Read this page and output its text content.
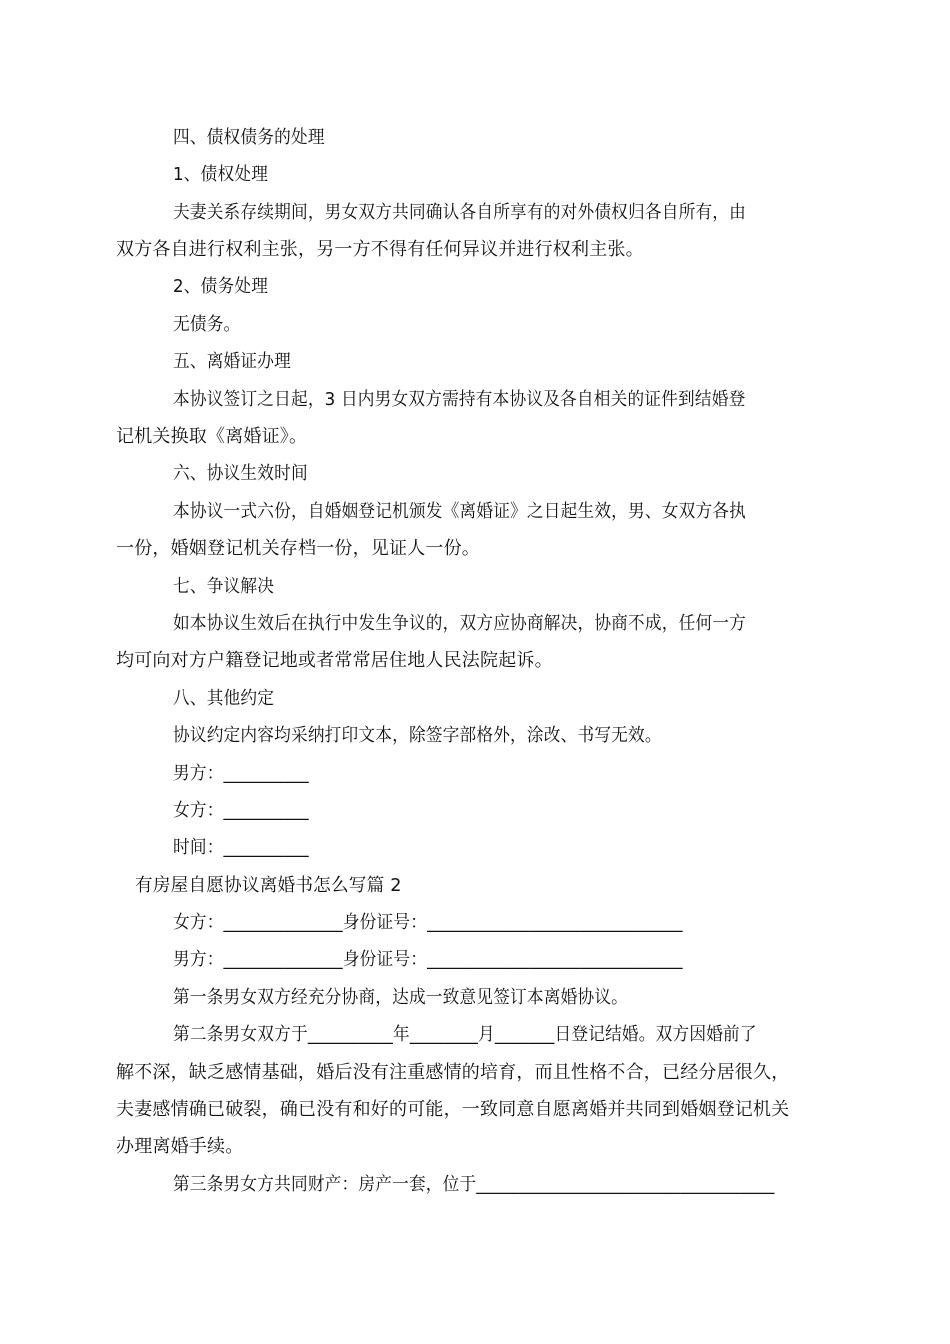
四、债权债务的处理
1、债权处理
夫妻关系存续期间，男女双方共同确认各自所享有的对外债权归各自所有，由
双方各自进行权利主张，另一方不得有任何异议并进行权利主张。
2、债务处理
无债务。
五、离婚证办理
本协议签订之日起，3 日内男女双方需持有本协议及各自相关的证件到结婚登
记机关换取《离婚证》。
六、协议生效时间
本协议一式六份，自婚姻登记机颁发《离婚证》之日起生效，男、女双方各执
一份，婚姻登记机关存档一份，见证人一份。
七、争议解决
如本协议生效后在执行中发生争议的，双方应协商解决，协商不成，任何一方
均可向对方户籍登记地或者常常居住地人民法院起诉。
八、其他约定
协议约定内容均采纳打印文本，除签字部格外，涂改、书写无效。
男方：__________
女方：__________
时间：__________
有房屋自愿协议离婚书怎么写篇 2
女方：______________身份证号：______________________________
男方：______________身份证号：______________________________
第一条男女双方经充分协商，达成一致意见签订本离婚协议。
第二条男女双方于__________年________月_______日登记结婚。双方因婚前了
解不深，缺乏感情基础，婚后没有注重感情的培育，而且性格不合，已经分居很久，
夫妻感情确已破裂，确已没有和好的可能，一致同意自愿离婚并共同到婚姻登记机关
办理离婚手续。
第三条男女方共同财产：房产一套，位于___________________________________
